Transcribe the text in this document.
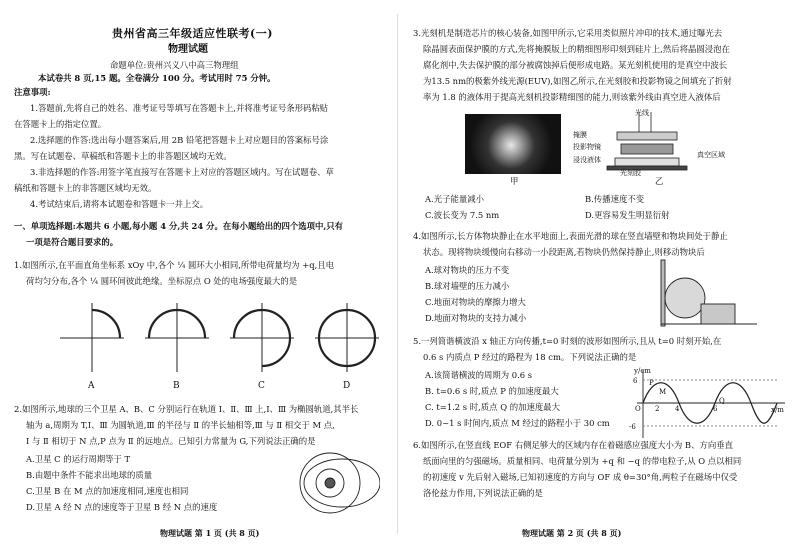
贵州省高三年级适应性联考(一)
物理试题
命题单位:贵州兴义八中高三物理组
本试卷共 8 页,15 题。全卷满分 100 分。考试用时 75 分钟。
注意事项:
1.答题前,先将自己的姓名、准考证号等填写在答题卡上,并将准考证号条形码粘贴
在答题卡上的指定位置。
2.选择题的作答:选出每小题答案后,用 2B 铅笔把答题卡上对应题目的答案标号涂
黑。写在试题卷、草稿纸和答题卡上的非答题区域均无效。
3.非选择题的作答:用签字笔直接写在答题卡上对应的答题区域内。写在试题卷、草
稿纸和答题卡上的非答题区域均无效。
4.考试结束后,请将本试题卷和答题卡一并上交。
一、单项选择题:本题共 6 小题,每小题 4 分,共 24 分。在每小题给出的四个选项中,只有
一项是符合题目要求的。
1.如图所示,在平面直角坐标系 xOy 中,各个 ¼ 圆环大小相同,所带电荷量均为 +q,且电
荷均匀分布,各个 ¼ 圆环间彼此绝缘。坐标原点 O 处的电场强度最大的是
A	B	C	D
2.如图所示,地球的三个卫星 A、B、C 分别运行在轨道 Ⅰ、Ⅱ、Ⅲ 上,Ⅰ、Ⅲ 为椭圆轨道,其半长
轴为 a,周期为 T,Ⅰ、Ⅲ 为圆轨道,Ⅲ 的半径与 Ⅱ 的半长轴相等,Ⅲ 与 Ⅱ 相交于 M 点,
Ⅰ 与 Ⅱ 相切于 N 点,P 点为 Ⅱ 的远地点。已知引力常量为 G,下列说法正确的是
A.卫星 C 的运行周期等于 T
B.由题中条件不能求出地球的质量
C.卫星 B 在 M 点的加速度相同,速度也相同
D.卫星 A 经 N 点的速度等于卫星 B 经 N 点的速度
物理试题 第 1 页 (共 8 页)
3.光刻机是制造芯片的核心装备,如图甲所示,它采用类似照片冲印的技术,通过曝光去
除晶圆表面保护膜的方式,先将掩膜版上的精细图形印刻到硅片上,然后将晶圆浸泡在
腐化剂中,失去保护膜的部分被腐蚀掉后便形成电路。某光刻机使用的是真空中波长
为13.5 nm的极紫外线光源(EUV),如图乙所示,在光刻胶和投影物镜之间填充了折射
率为 1.8 的液体用于提高光刻机投影精细图的能力,则该紫外线由真空进入液体后
甲
光线
掩膜
投影物镜
浸没液体
真空区域
光刻胶
乙
A.光子能量减小	B.传播速度不变
C.波长变为 7.5 nm	D.更容易发生明显衍射
4.如图所示,长方体物块静止在水平地面上,表面光滑的球在竖直墙壁和物块间处于静止
状态。现将物块缓慢向右移动一小段距离,若物块仍然保持静止,则移动物块后
A.球对物块的压力不变
B.球对墙壁的压力减小
C.地面对物块的摩擦力增大
D.地面对物块的支持力减小
5.一列简谐横波沿 x 轴正方向传播,t=0 时刻的波形如图所示,且从 t=0 时刻开始,在
0.6 s 内质点 P 经过的路程为 18 cm。下列说法正确的是
A.该简谐横波的周期为 0.6 s
B. t=0.6 s 时,质点 P 的加速度最大
C. t=1.2 s 时,质点 Q 的加速度最大
D. 0~1 s 时间内,质点 M 经过的路程小于 30 cm
y/cm
x/m
6
-6
2 4	6
P
M
Q
O
6.如图所示,在竖直线 EOF 右侧足够大的区域内存在着磁感应强度大小为 B、方向垂直
纸面向里的匀强磁场。质量相同、电荷量分别为 +q 和 −q 的带电粒子,从 O 点以相同
的初速度 v 先后射入磁场,已知初速度的方向与 OF 成 θ=30°角,两粒子在磁场中仅受
洛伦兹力作用,下列说法正确的是
物理试题 第 2 页 (共 8 页)
